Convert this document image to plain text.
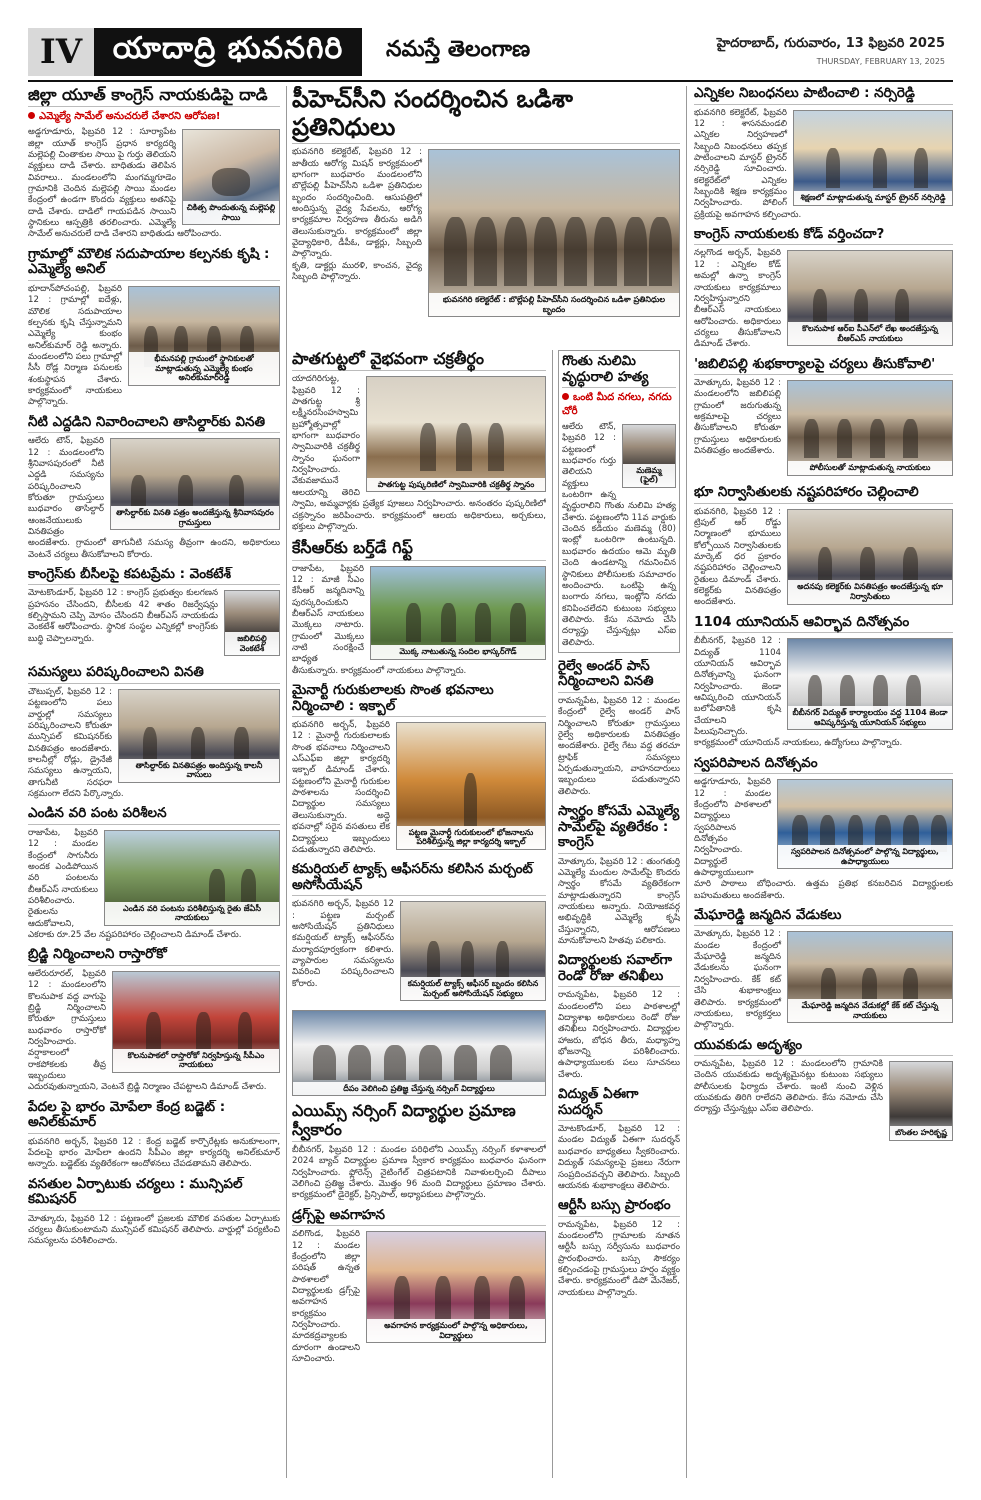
IV	యాదాద్రి భువనగిరి	నమస్తే తెలంగాణ	హైదరాబాద్, గురువారం, 13 ఫిబ్రవరి 2025
THURSDAY, FEBRUARY 13, 2025
జిల్లా యూత్ కాంగ్రెస్ నాయకుడిపై దాడి
ఎమ్మెల్యే సామేల్ అనుచరులే చేశారని ఆరోపణ!
చికిత్స పొందుతున్న మల్లెపల్లి సాయి
అడ్డగూడూరు, ఫిబ్రవరి 12 : సూర్యాపేట జిల్లా యూత్ కాంగ్రెస్ ప్రధాన కార్యదర్శి మల్లెపల్లి చింతాకుల సాయి పై గుర్తు తెలియని వ్యక్తులు దాడి చేశారు. బాధితుడు తెలిపిన వివరాలు.. మండలంలోని మంగమ్మగూడెం గ్రామానికి చెందిన మల్లెపల్లి సాయి మండల కేంద్రంలో ఉండగా కొందరు వ్యక్తులు అతనిపై దాడి చేశారు. దాడిలో గాయపడిన సాయిని స్థానికులు ఆస్పత్రికి తరలించారు. ఎమ్మెల్యే సామేల్ అనుచరులే దాడి చేశారని బాధితుడు ఆరోపించారు.
గ్రామాల్లో మౌలిక సదుపాయాల కల్పనకు కృషి : ఎమ్మెల్యే అనిల్
భీమనపల్లి గ్రామంలో స్థానికులతో మాట్లాడుతున్న ఎమ్మెల్యే కుంభం అనిల్‌కుమార్‌రెడ్డి
భూదాన్‌పోచంపల్లి, ఫిబ్రవరి 12 : గ్రామాల్లో ఐదేళ్లు, మౌలిక సదుపాయాల కల్పనకు కృషి చేస్తున్నామని ఎమ్మెల్యే కుంభం అనిల్‌కుమార్ రెడ్డి అన్నారు. మండలంలోని పలు గ్రామాల్లో సీసీ రోడ్ల నిర్మాణ పనులకు శంకుస్థాపన చేశారు. కార్యక్రమంలో నాయకులు పాల్గొన్నారు.
నీటి ఎద్దడిని నివారించాలని తాసిల్దార్‌కు వినతి
తాసిల్దార్‌కు వినతి పత్రం అందజేస్తున్న శ్రీనివాసపురం గ్రామస్తులు
ఆలేరు టౌన్, ఫిబ్రవరి 12 : మండలంలోని శ్రీనివాసపురంలో నీటి ఎద్దడి సమస్యను పరిష్కరించాలని కోరుతూ గ్రామస్తులు బుధవారం తాసిల్దార్ ఆంజనేయులుకు వినతిపత్రం అందజేశారు. గ్రామంలో తాగునీటి సమస్య తీవ్రంగా ఉందని, అధికారులు వెంటనే చర్యలు తీసుకోవాలని కోరారు.
కాంగ్రెస్‌కు బీసీలపై కపటప్రేమ : వెంకటేశ్
జబిలిపల్లి వెంకటేశ్
మోటకొండూర్, ఫిబ్రవరి 12 : కాంగ్రెస్ ప్రభుత్వం కులగణన ప్రహసనం చేసిందని, బీసీలకు 42 శాతం రిజర్వేషన్లు కల్పిస్తామని చెప్పి మోసం చేసిందని బీఆర్‌ఎస్ నాయకుడు వెంకటేశ్ ఆరోపించారు. స్థానిక సంస్థల ఎన్నికల్లో కాంగ్రెస్‌కు బుద్ధి చెప్పాలన్నారు.
సమస్యలు పరిష్కరించాలని వినతి
తాసిల్దార్‌కు వినతిపత్రం అందిస్తున్న కాలనీ వాసులు
చౌటుప్పల్, ఫిబ్రవరి 12 : పట్టణంలోని పలు వార్డుల్లో సమస్యలు పరిష్కరించాలని కోరుతూ మున్సిపల్ కమిషనర్‌కు వినతిపత్రం అందజేశారు. కాలనీల్లో రోడ్లు, డ్రైనేజీ సమస్యలు ఉన్నాయని, తాగునీటి సరఫరా సక్రమంగా లేదని పేర్కొన్నారు.
ఎండిన వరి పంట పరిశీలన
ఎండిన వరి పంటను పరిశీలిస్తున్న రైతు జేఏసీ నాయకులు
రాజాపేట, ఫిబ్రవరి 12 : మండల కేంద్రంలో సాగునీరు అందక ఎండిపోయిన వరి పంటలను బీఆర్‌ఎస్ నాయకులు పరిశీలించారు. రైతులను ఆదుకోవాలని, ఎకరాకు రూ.25 వేల నష్టపరిహారం చెల్లించాలని డిమాండ్ చేశారు.
బ్రిడ్జి నిర్మించాలని రాస్తారోకో
కొలనుపాకలో రాస్తారోకో నిర్వహిస్తున్న సీపీఎం నాయకులు
ఆలేరురూరల్, ఫిబ్రవరి 12 : మండలంలోని కొలనుపాక వద్ద వాగుపై బ్రిడ్జి నిర్మించాలని కోరుతూ గ్రామస్తులు బుధవారం రాస్తారోకో నిర్వహించారు. వర్షాకాలంలో రాకపోకలకు తీవ్ర ఇబ్బందులు ఎదురవుతున్నాయని, వెంటనే బ్రిడ్జి నిర్మాణం చేపట్టాలని డిమాండ్ చేశారు.
పేదల పై భారం మోపేలా కేంద్ర బడ్జెట్ : అనిల్‌కుమార్
భువనగిరి అర్బన్, ఫిబ్రవరి 12 : కేంద్ర బడ్జెట్ కార్పొరేట్లకు అనుకూలంగా, పేదలపై భారం మోపేలా ఉందని సీపీఎం జిల్లా కార్యదర్శి అనిల్‌కుమార్ అన్నారు. బడ్జెట్‌కు వ్యతిరేకంగా ఆందోళనలు చేపడతామని తెలిపారు.
వసతుల ఏర్పాటుకు చర్యలు : మున్సిపల్ కమిషనర్
మోత్కూరు, ఫిబ్రవరి 12 : పట్టణంలో ప్రజలకు మౌలిక వసతుల ఏర్పాటుకు చర్యలు తీసుకుంటామని మున్సిపల్ కమిషనర్ తెలిపారు. వార్డుల్లో పర్యటించి సమస్యలను పరిశీలించారు.
పీహెచ్‌సీని సందర్శించిన ఒడిశా ప్రతినిధులు
భువనగిరి కలెక్టరేట్ : బొల్లేపల్లి పీహెచ్‌సీని సందర్శించిన ఒడిశా ప్రతినిధుల బృందం
భువనగిరి కలెక్టరేట్, ఫిబ్రవరి 12 : జాతీయ ఆరోగ్య మిషన్ కార్యక్రమంలో భాగంగా బుధవారం మండలంలోని బొల్లేపల్లి పీహెచ్‌సీని ఒడిశా ప్రతినిధుల బృందం సందర్శించింది. ఆసుపత్రిలో అందిస్తున్న వైద్య సేవలను, ఆరోగ్య కార్యక్రమాల నిర్వహణ తీరును అడిగి తెలుసుకున్నారు. కార్యక్రమంలో జిల్లా వైద్యాధికారి, డీపీఓ, డాక్టర్లు, సిబ్బంది పాల్గొన్నారు.
కృతి, డాక్టర్లు మురళి, కాంచన, వైద్య సిబ్బంది పాల్గొన్నారు.
పాతగుట్టలో వైభవంగా చక్రతీర్థం
పాతగుట్ట పుష్కరిణిలో స్వామివారికి చక్రతీర్థ స్నానం
యాదగిరిగుట్ట, ఫిబ్రవరి 12 : పాతగుట్ట శ్రీ లక్ష్మీనరసింహస్వామి బ్రహ్మోత్సవాల్లో భాగంగా బుధవారం స్వామివారికి చక్రతీర్థ స్నానం ఘనంగా నిర్వహించారు. వేకువజామునే ఆలయాన్ని తెరిచి స్వామి, అమ్మవార్లకు ప్రత్యేక పూజలు నిర్వహించారు. అనంతరం పుష్కరిణిలో చక్రస్నానం జరిపించారు. కార్యక్రమంలో ఆలయ అధికారులు, అర్చకులు, భక్తులు పాల్గొన్నారు.
కేసీఆర్‌కు బర్త్‌డే గిఫ్ట్
మొక్క నాటుతున్న సందిల భాస్కర్‌గౌడ్
రాజాపేట, ఫిబ్రవరి 12 : మాజీ సీఎం కేసీఆర్ జన్మదినాన్ని పురస్కరించుకుని బీఆర్‌ఎస్ నాయకులు మొక్కలు నాటారు. గ్రామంలో మొక్కలు నాటి సంరక్షించే బాధ్యత తీసుకున్నారు. కార్యక్రమంలో నాయకులు పాల్గొన్నారు.
మైనార్టీ గురుకులాలకు సొంత భవనాలు నిర్మించాలి : ఇక్బాల్
పట్టణ మైనార్టీ గురుకులంలో భోజనాలను పరిశీలిస్తున్న జిల్లా కార్యదర్శి ఇక్బాల్
భువనగిరి అర్బన్, ఫిబ్రవరి 12 : మైనార్టీ గురుకులాలకు సొంత భవనాలు నిర్మించాలని ఎస్‌ఎఫ్‌ఐ జిల్లా కార్యదర్శి ఇక్బాల్ డిమాండ్ చేశారు. పట్టణంలోని మైనార్టీ గురుకుల పాఠశాలను సందర్శించి విద్యార్థుల సమస్యలు తెలుసుకున్నారు. అద్దె భవనాల్లో సరైన వసతులు లేక విద్యార్థులు ఇబ్బందులు పడుతున్నారని తెలిపారు.
కమర్షియల్ ట్యాక్స్ ఆఫీసర్‌ను కలిసిన మర్చంట్ అసోసియేషన్
కమర్షియల్ ట్యాక్స్ ఆఫీసర్ బృందం కలిసిన మర్చంట్ అసోసియేషన్ సభ్యులు
భువనగిరి అర్బన్, ఫిబ్రవరి 12 : పట్టణ మర్చంట్ అసోసియేషన్ ప్రతినిధులు కమర్షియల్ ట్యాక్స్ ఆఫీసర్‌ను మర్యాదపూర్వకంగా కలిశారు. వ్యాపారుల సమస్యలను వివరించి పరిష్కరించాలని కోరారు.
దీపం వెలిగించి ప్రతిజ్ఞ చేస్తున్న నర్సింగ్ విద్యార్థులు
ఎయిమ్స్ నర్సింగ్ విద్యార్థుల ప్రమాణ స్వీకారం
బీబీనగర్, ఫిబ్రవరి 12 : మండల పరిధిలోని ఎయిమ్స్ నర్సింగ్ కళాశాలలో 2024 బ్యాచ్ విద్యార్థుల ప్రమాణ స్వీకార కార్యక్రమం బుధవారం ఘనంగా నిర్వహించారు. ఫ్లోరెన్స్ నైటింగేల్ చిత్రపటానికి నివాళులర్పించి దీపాలు వెలిగించి ప్రతిజ్ఞ చేశారు. మొత్తం 96 మంది విద్యార్థులు ప్రమాణం చేశారు. కార్యక్రమంలో డైరెక్టర్, ప్రిన్సిపాల్, అధ్యాపకులు పాల్గొన్నారు.
డ్రగ్స్‌పై అవగాహన
అవగాహన కార్యక్రమంలో పాల్గొన్న అధికారులు, విద్యార్థులు
వలిగొండ, ఫిబ్రవరి 12 : మండల కేంద్రంలోని జిల్లా పరిషత్ ఉన్నత పాఠశాలలో విద్యార్థులకు డ్రగ్స్‌పై అవగాహన కార్యక్రమం నిర్వహించారు. మాదకద్రవ్యాలకు దూరంగా ఉండాలని సూచించారు.
గొంతు నులిమి వృద్ధురాలి హత్య
ఒంటి మీద నగలు, నగదు చోరీ
మణెమ్మ (ఫైల్)
ఆలేరు టౌన్, ఫిబ్రవరి 12 : పట్టణంలో బుధవారం గుర్తు తెలియని వ్యక్తులు ఒంటరిగా ఉన్న వృద్ధురాలిని గొంతు నులిమి హత్య చేశారు. పట్టణంలోని 11వ వార్డుకు చెందిన కడియం మణెమ్మ (80) ఇంట్లో ఒంటరిగా ఉంటున్నది. బుధవారం ఉదయం ఆమె మృతి చెంది ఉండటాన్ని గమనించిన స్థానికులు పోలీసులకు సమాచారం అందించారు. ఒంటిపై ఉన్న బంగారు నగలు, ఇంట్లోని నగదు కనిపించలేదని కుటుంబ సభ్యులు తెలిపారు. కేసు నమోదు చేసి దర్యాప్తు చేస్తున్నట్లు ఎస్‌ఐ తెలిపారు.
రైల్వే అండర్ పాస్ నిర్మించాలని వినతి
రామన్నపేట, ఫిబ్రవరి 12 : మండల కేంద్రంలో రైల్వే అండర్ పాస్ నిర్మించాలని కోరుతూ గ్రామస్తులు రైల్వే అధికారులకు వినతిపత్రం అందజేశారు. రైల్వే గేటు వద్ద తరచూ ట్రాఫిక్ సమస్యలు ఏర్పడుతున్నాయని, వాహనదారులు ఇబ్బందులు పడుతున్నారని తెలిపారు.
స్వార్థం కోసమే ఎమ్మెల్యే సామేల్‌పై వ్యతిరేకం : కాంగ్రెస్
మోత్కూరు, ఫిబ్రవరి 12 : తుంగతుర్తి ఎమ్మెల్యే మందుల సామేల్‌పై కొందరు స్వార్థం కోసమే వ్యతిరేకంగా మాట్లాడుతున్నారని కాంగ్రెస్ నాయకులు అన్నారు. నియోజకవర్గ అభివృద్ధికి ఎమ్మెల్యే కృషి చేస్తున్నారని, ఆరోపణలు మానుకోవాలని హితవు పలికారు.
విద్యార్థులకు సవాల్‌గా రెండో రోజు తనిఖీలు
రామన్నపేట, ఫిబ్రవరి 12 : మండలంలోని పలు పాఠశాలల్లో విద్యాశాఖ అధికారులు రెండో రోజు తనిఖీలు నిర్వహించారు. విద్యార్థుల హాజరు, బోధన తీరు, మధ్యాహ్న భోజనాన్ని పరిశీలించారు. ఉపాధ్యాయులకు పలు సూచనలు చేశారు.
విద్యుత్ ఏఈగా సుదర్శన్
మోటకొండూర్, ఫిబ్రవరి 12 : మండల విద్యుత్ ఏఈగా సుదర్శన్ బుధవారం బాధ్యతలు స్వీకరించారు. విద్యుత్ సమస్యలపై ప్రజలు నేరుగా సంప్రదించవచ్చని తెలిపారు. సిబ్బంది ఆయనకు శుభాకాంక్షలు తెలిపారు.
ఆర్టీసీ బస్సు ప్రారంభం
రామన్నపేట, ఫిబ్రవరి 12 : మండలంలోని గ్రామాలకు నూతన ఆర్టీసీ బస్సు సర్వీసును బుధవారం ప్రారంభించారు. బస్సు సౌకర్యం కల్పించడంపై గ్రామస్తులు హర్షం వ్యక్తం చేశారు. కార్యక్రమంలో డిపో మేనేజర్, నాయకులు పాల్గొన్నారు.
ఎన్నికల నిబంధనలు పాటించాలి : నర్సిరెడ్డి
శిక్షణలో మాట్లాడుతున్న మాస్టర్ ట్రైనర్ నర్సిరెడ్డి
భువనగిరి కలెక్టరేట్, ఫిబ్రవరి 12 : శాసనమండలి ఎన్నికల నిర్వహణలో సిబ్బంది నిబంధనలు తప్పక పాటించాలని మాస్టర్ ట్రైనర్ నర్సిరెడ్డి సూచించారు. కలెక్టరేట్‌లో ఎన్నికల సిబ్బందికి శిక్షణ కార్యక్రమం నిర్వహించారు. పోలింగ్ ప్రక్రియపై అవగాహన కల్పించారు.
కాంగ్రెస్ నాయకులకు కోడ్ వర్తించదా?
కొలనుపాక ఆర్ఐ పీఎన్‌లో లేఖ అందజేస్తున్న బీఆర్‌ఎస్ నాయకులు
నల్లగొండ అర్బన్, ఫిబ్రవరి 12 : ఎన్నికల కోడ్ అమల్లో ఉన్నా కాంగ్రెస్ నాయకులు కార్యక్రమాలు నిర్వహిస్తున్నారని బీఆర్‌ఎస్ నాయకులు ఆరోపించారు. అధికారులు చర్యలు తీసుకోవాలని డిమాండ్ చేశారు.
'జబిలిపల్లి శుభకార్యాలపై చర్యలు తీసుకోవాలి'
పోలీసులతో మాట్లాడుతున్న నాయకులు
మోత్కూరు, ఫిబ్రవరి 12 : మండలంలోని జబిలిపల్లి గ్రామంలో జరుగుతున్న అక్రమాలపై చర్యలు తీసుకోవాలని కోరుతూ గ్రామస్తులు అధికారులకు వినతిపత్రం అందజేశారు.
భూ నిర్వాసితులకు నష్టపరిహారం చెల్లించాలి
అదనపు కలెక్టర్‌కు వినతిపత్రం అందజేస్తున్న భూ నిర్వాసితులు
భువనగిరి, ఫిబ్రవరి 12 : ట్రిపుల్ ఆర్ రోడ్డు నిర్మాణంలో భూములు కోల్పోయిన నిర్వాసితులకు మార్కెట్ ధర ప్రకారం నష్టపరిహారం చెల్లించాలని రైతులు డిమాండ్ చేశారు. కలెక్టర్‌కు వినతిపత్రం అందజేశారు.
1104 యూనియన్ ఆవిర్భావ దినోత్సవం
బీబీనగర్ విద్యుత్ కార్యాలయం వద్ద 1104 జెండా ఆవిష్కరిస్తున్న యూనియన్ సభ్యులు
బీబీనగర్, ఫిబ్రవరి 12 : విద్యుత్ 1104 యూనియన్ ఆవిర్భావ దినోత్సవాన్ని ఘనంగా నిర్వహించారు. జెండా ఆవిష్కరించి యూనియన్ బలోపేతానికి కృషి చేయాలని పిలుపునిచ్చారు. కార్యక్రమంలో యూనియన్ నాయకులు, ఉద్యోగులు పాల్గొన్నారు.
స్వపరిపాలన దినోత్సవం
స్వపరిపాలన దినోత్సవంలో పాల్గొన్న విద్యార్థులు, ఉపాధ్యాయులు
అడ్డగూడూరు, ఫిబ్రవరి 12 : మండల కేంద్రంలోని పాఠశాలలో విద్యార్థులు స్వపరిపాలన దినోత్సవం నిర్వహించారు. విద్యార్థులే ఉపాధ్యాయులుగా మారి పాఠాలు బోధించారు. ఉత్తమ ప్రతిభ కనబరిచిన విద్యార్థులకు బహుమతులు అందజేశారు.
మేఘారెడ్డి జన్మదిన వేడుకలు
మేఘారెడ్డి జన్మదిన వేడుకల్లో కేక్ కట్ చేస్తున్న నాయకులు
మోత్కూరు, ఫిబ్రవరి 12 : మండల కేంద్రంలో మేఘారెడ్డి జన్మదిన వేడుకలను ఘనంగా నిర్వహించారు. కేక్ కట్ చేసి శుభాకాంక్షలు తెలిపారు. కార్యక్రమంలో నాయకులు, కార్యకర్తలు పాల్గొన్నారు.
యువకుడు అదృశ్యం
బొంతల హరికృష్ణ
రామన్నపేట, ఫిబ్రవరి 12 : మండలంలోని గ్రామానికి చెందిన యువకుడు అదృశ్యమైనట్లు కుటుంబ సభ్యులు పోలీసులకు ఫిర్యాదు చేశారు. ఇంటి నుంచి వెళ్లిన యువకుడు తిరిగి రాలేదని తెలిపారు. కేసు నమోదు చేసి దర్యాప్తు చేస్తున్నట్లు ఎస్‌ఐ తెలిపారు.
